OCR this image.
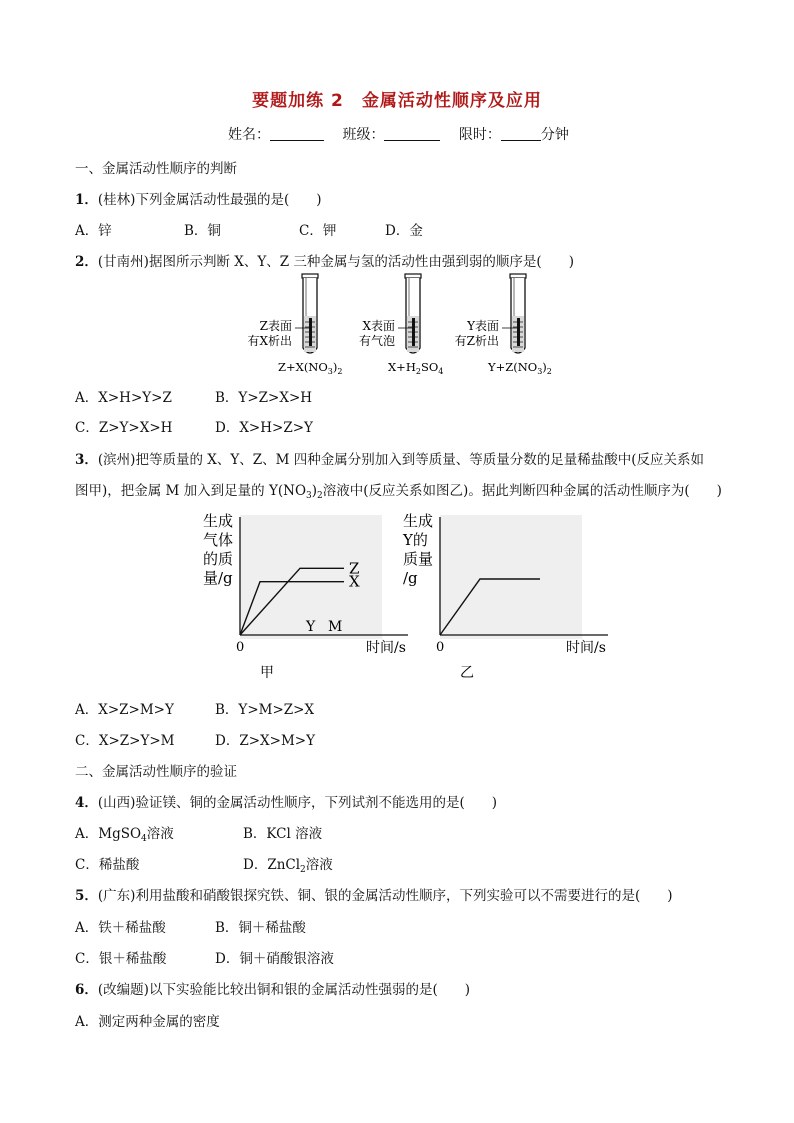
要题加练 2　金属活动性顺序及应用
姓名：　	班级：　	限时：	分钟
一、金属活动性顺序的判断
1．(桂林)下列金属活动性最强的是(　　)
A．锌	B．铜	C．钾	D．金
2．(甘南州)据图所示判断 X、Y、Z 三种金属与氢的活动性由强到弱的顺序是(　　)
Z表面
有X析出
$Z+X(NO_3)_2$
X表面
有气泡
$X+H_2SO_4$
Y表面
有Z析出
$Y+Z(NO_3)_2$
A．X>H>Y>Z	B．Y>Z>X>H
C．Z>Y>X>H	D．X>H>Z>Y
3．(滨州)把等质量的 X、Y、Z、M 四种金属分别加入到等质量、等质量分数的足量稀盐酸中(反应关系如
图甲)，把金属 M 加入到足量的 $Y(NO_3)_2$溶液中(反应关系如图乙)。据此判断四种金属的活动性顺序为(　　)
生成
气体
的质
量/g
0	时间/s
甲
Z
X
Y M
生成
Y的
质量
/g
0	时间/s
乙
A．X>Z>M>Y	B．Y>M>Z>X
C．X>Z>Y>M	D．Z>X>M>Y
二、金属活动性顺序的验证
4．(山西)验证镁、铜的金属活动性顺序，下列试剂不能选用的是(　　)
A．MgSO$_4$溶液	B．KCl 溶液
C．稀盐酸	D．ZnCl$_2$溶液
5．(广东)利用盐酸和硝酸银探究铁、铜、银的金属活动性顺序，下列实验可以不需要进行的是(　　)
A．铁＋稀盐酸	B．铜＋稀盐酸
C．银＋稀盐酸	D．铜＋硝酸银溶液
6．(改编题)以下实验能比较出铜和银的金属活动性强弱的是(　　)
A．测定两种金属的密度
